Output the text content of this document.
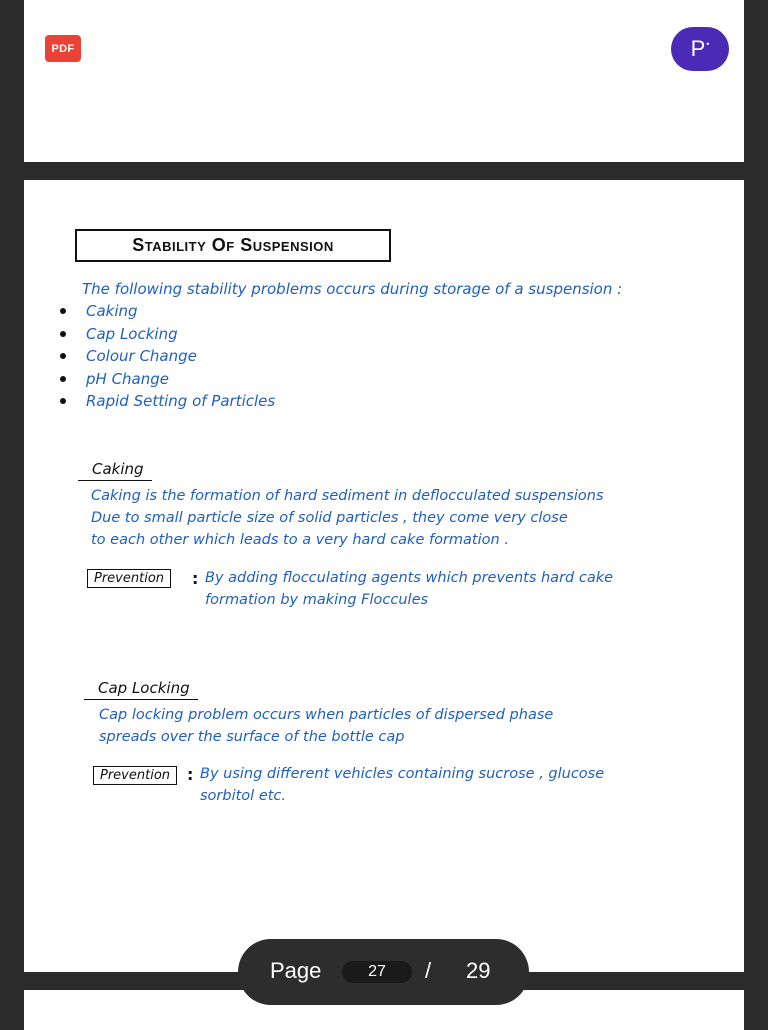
PDF	P•
Stability Of Suspension
The following stability problems occurs during storage of a suspension :
Caking
Cap Locking
Colour Change
pH Change
Rapid Setting of Particles
Caking
Caking is the formation of hard sediment in deflocculated suspensions
Due to small particle size of solid particles , they come very close
to each other which leads to a very hard cake formation .
Prevention	: By adding flocculating agents which prevents hard cake
formation by making Floccules
Cap Locking
Cap locking problem occurs when particles of dispersed phase
spreads over the surface of the bottle cap
Prevention	: By using different vehicles containing sucrose , glucose
sorbitol etc.
Page	27	/ 29
